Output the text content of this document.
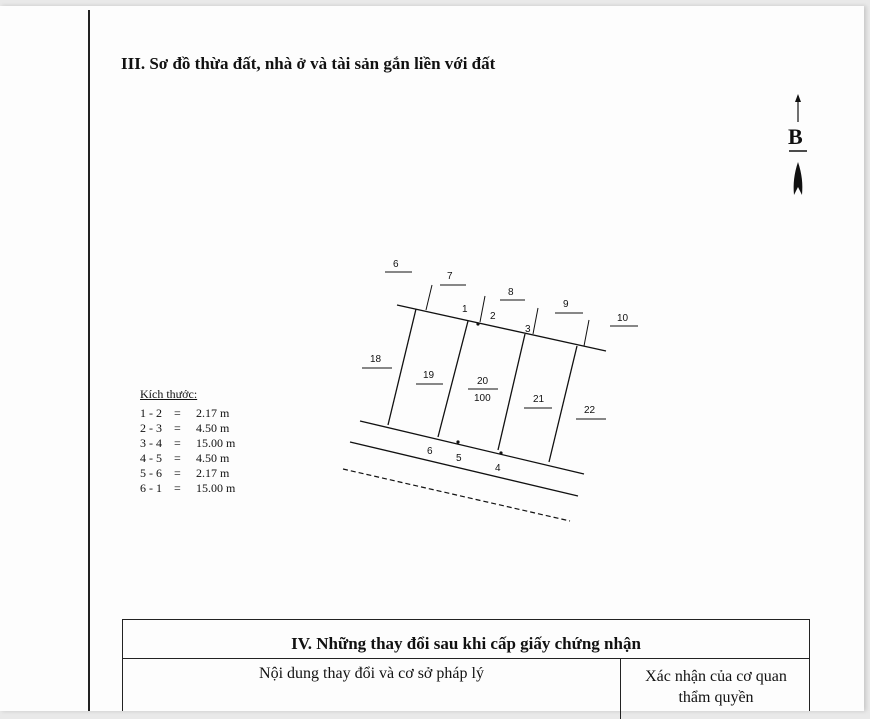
III. Sơ đồ thừa đất, nhà ở và tài sản gắn liền với đất
B
6
7
8
9
10
18
19
21
22
20
100
1
2
3
4
5
6
Kích thước:
1 - 2	=	2.17 m
2 - 3	=	4.50 m
3 - 4	=	15.00 m
4 - 5	=	4.50 m
5 - 6	=	2.17 m
6 - 1	=	15.00 m
IV. Những thay đổi sau khi cấp giấy chứng nhận
Nội dung thay đổi và cơ sở pháp lý	Xác nhận của cơ quan
thẩm quyền
